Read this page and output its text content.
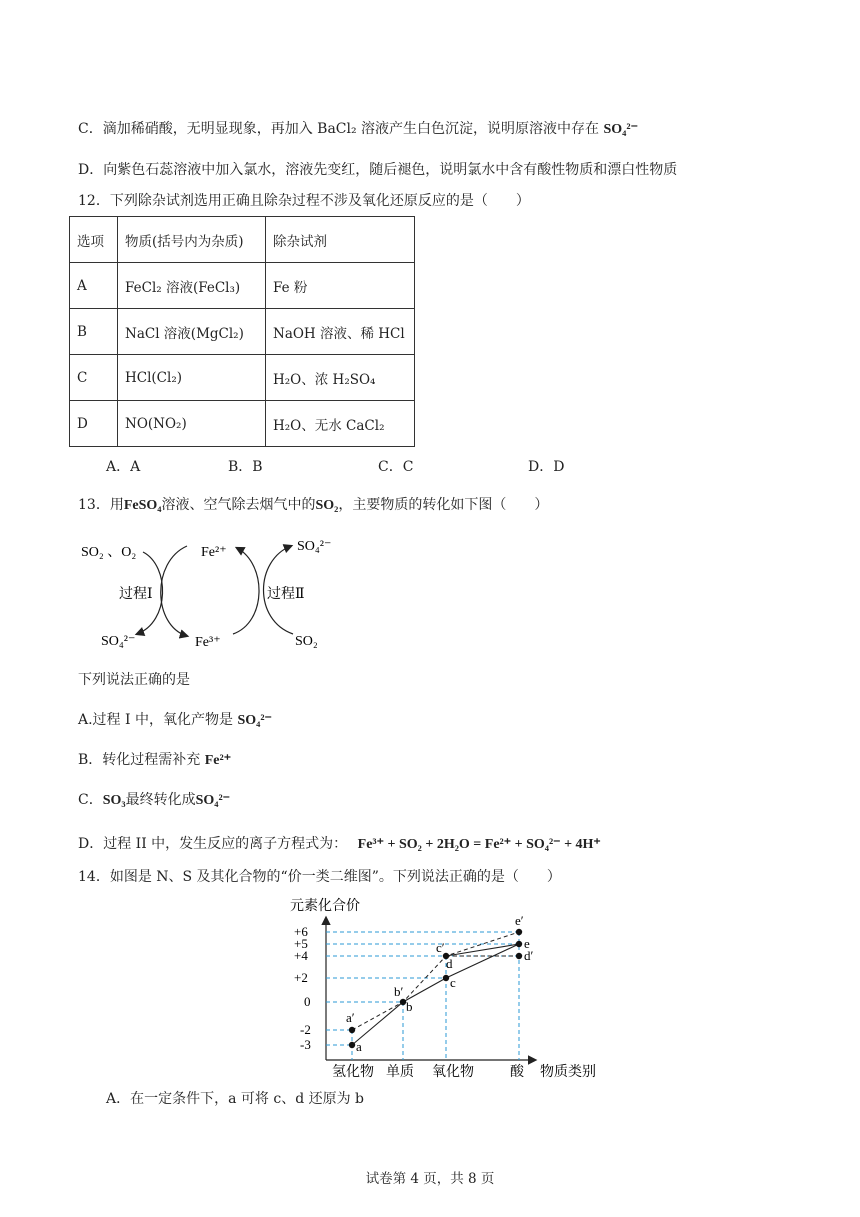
C．滴加稀硝酸，无明显现象，再加入 BaCl₂ 溶液产生白色沉淀，说明原溶液中存在 SO₄²⁻
D．向紫色石蕊溶液中加入氯水，溶液先变红，随后褪色，说明氯水中含有酸性物质和漂白性物质
12．下列除杂试剂选用正确且除杂过程不涉及氧化还原反应的是（　　）
选项	物质(括号内为杂质)	除杂试剂
A	FeCl₂ 溶液(FeCl₃)	Fe 粉
B	NaCl 溶液(MgCl₂)	NaOH 溶液、稀 HCl
C	HCl(Cl₂)	H₂O、浓 H₂SO₄
D	NO(NO₂)	H₂O、无水 CaCl₂
A．A	B．B	C．C	D．D
13．用FeSO₄溶液、空气除去烟气中的SO₂，主要物质的转化如下图（　　）
SO₂ 、O₂	Fe²⁺	SO₄²⁻
过程Ⅰ	过程Ⅱ
SO₄²⁻	Fe³⁺	SO₂
下列说法正确的是
A.过程 I 中，氧化产物是 SO₄²⁻
B．转化过程需补充 Fe²⁺
C．SO₃最终转化成SO₄²⁻
D．过程 II 中，发生反应的离子方程式为： Fe³⁺ + SO₂ + 2H₂O = Fe²⁺ + SO₄²⁻ + 4H⁺
14．如图是 N、S 及其化合物的“价一类二维图”。下列说法正确的是（　　）
元素化合价
+6
+5
+4
+2
0
-2
-3	a
a′
b
b′
c
c′
d
d′
e
e′
氢化物 单质 氧化物	酸 物质类别
A．在一定条件下，a 可将 c、d 还原为 b
试卷第 4 页，共 8 页
